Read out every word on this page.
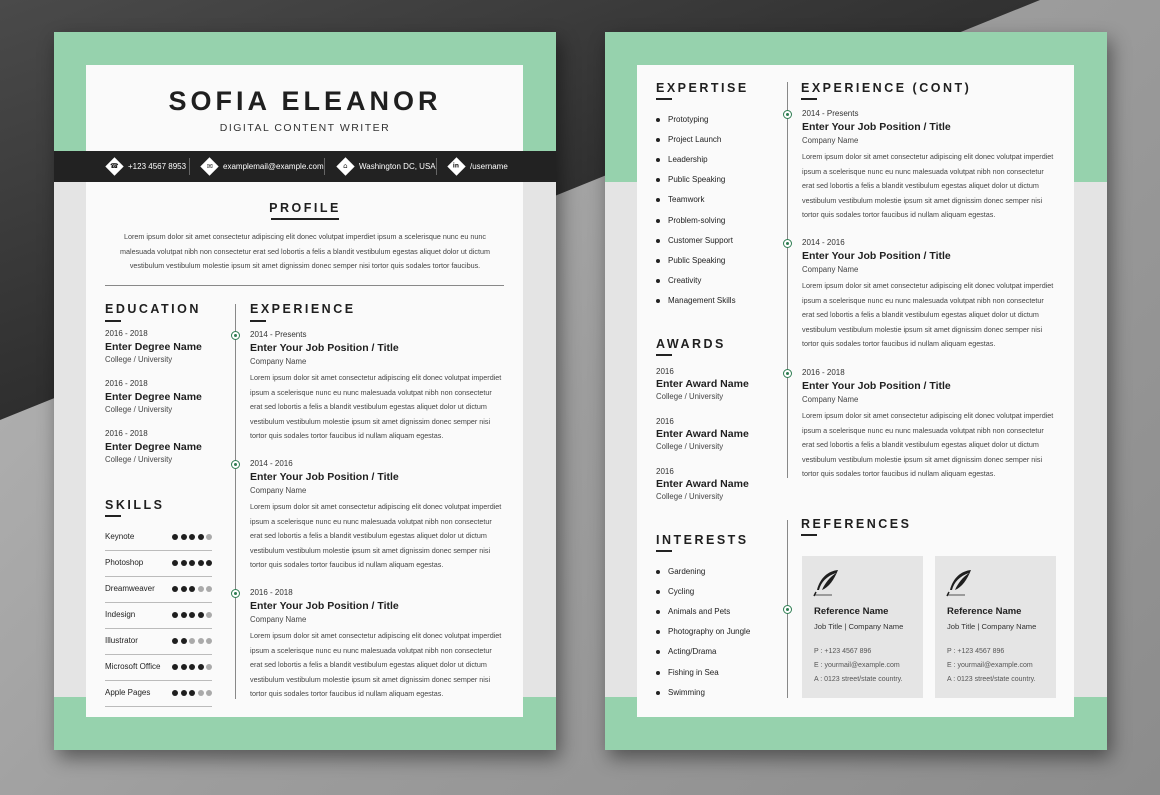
SOFIA ELEANOR
DIGITAL CONTENT WRITER
☎ +123 4567 8953	✉ examplemail@example.com	⌂ Washington DC, USA	in /username
PROFILE
Lorem ipsum dolor sit amet consectetur adipiscing elit donec volutpat imperdiet ipsum a scelerisque nunc eu nunc
malesuada volutpat nibh non consectetur erat sed lobortis a felis a blandit vestibulum egestas aliquet dolor ut dictum
vestibulum vestibulum molestie ipsum sit amet dignissim donec semper nisi tortor quis sodales tortor faucibus.
EDUCATION
2016 - 2018
Enter Degree Name
College / University
2016 - 2018
Enter Degree Name
College / University
2016 - 2018
Enter Degree Name
College / University
SKILLS
Keynote
Photoshop
Dreamweaver
Indesign
Illustrator
Microsoft Office
Apple Pages
EXPERIENCE
2014 - Presents
Enter Your Job Position / Title
Company Name
Lorem ipsum dolor sit amet consectetur adipiscing elit donec volutpat imperdiet
ipsum a scelerisque nunc eu nunc malesuada volutpat nibh non consectetur
erat sed lobortis a felis a blandit vestibulum egestas aliquet dolor ut dictum
vestibulum vestibulum molestie ipsum sit amet dignissim donec semper nisi
tortor quis sodales tortor faucibus id nullam aliquam egestas.
2014 - 2016
Enter Your Job Position / Title
Company Name
Lorem ipsum dolor sit amet consectetur adipiscing elit donec volutpat imperdiet
ipsum a scelerisque nunc eu nunc malesuada volutpat nibh non consectetur
erat sed lobortis a felis a blandit vestibulum egestas aliquet dolor ut dictum
vestibulum vestibulum molestie ipsum sit amet dignissim donec semper nisi
tortor quis sodales tortor faucibus id nullam aliquam egestas.
2016 - 2018
Enter Your Job Position / Title
Company Name
Lorem ipsum dolor sit amet consectetur adipiscing elit donec volutpat imperdiet
ipsum a scelerisque nunc eu nunc malesuada volutpat nibh non consectetur
erat sed lobortis a felis a blandit vestibulum egestas aliquet dolor ut dictum
vestibulum vestibulum molestie ipsum sit amet dignissim donec semper nisi
tortor quis sodales tortor faucibus id nullam aliquam egestas.
EXPERTISE
Prototyping
Project Launch
Leadership
Public Speaking
Teamwork
Problem-solving
Customer Support
Public Speaking
Creativity
Management Skills
AWARDS
2016
Enter Award Name
College / University
2016
Enter Award Name
College / University
2016
Enter Award Name
College / University
INTERESTS
Gardening
Cycling
Animals and Pets
Photography on Jungle
Acting/Drama
Fishing in Sea
Swimming
EXPERIENCE (CONT)
2014 - Presents
Enter Your Job Position / Title
Company Name
Lorem ipsum dolor sit amet consectetur adipiscing elit donec volutpat imperdiet
ipsum a scelerisque nunc eu nunc malesuada volutpat nibh non consectetur
erat sed lobortis a felis a blandit vestibulum egestas aliquet dolor ut dictum
vestibulum vestibulum molestie ipsum sit amet dignissim donec semper nisi
tortor quis sodales tortor faucibus id nullam aliquam egestas.
2014 - 2016
Enter Your Job Position / Title
Company Name
Lorem ipsum dolor sit amet consectetur adipiscing elit donec volutpat imperdiet
ipsum a scelerisque nunc eu nunc malesuada volutpat nibh non consectetur
erat sed lobortis a felis a blandit vestibulum egestas aliquet dolor ut dictum
vestibulum vestibulum molestie ipsum sit amet dignissim donec semper nisi
tortor quis sodales tortor faucibus id nullam aliquam egestas.
2016 - 2018
Enter Your Job Position / Title
Company Name
Lorem ipsum dolor sit amet consectetur adipiscing elit donec volutpat imperdiet
ipsum a scelerisque nunc eu nunc malesuada volutpat nibh non consectetur
erat sed lobortis a felis a blandit vestibulum egestas aliquet dolor ut dictum
vestibulum vestibulum molestie ipsum sit amet dignissim donec semper nisi
tortor quis sodales tortor faucibus id nullam aliquam egestas.
REFERENCES
Reference Name
Job Title | Company Name
P : +123 4567 896
E : yourmail@example.com
A : 0123 street/state country.
Reference Name
Job Title | Company Name
P : +123 4567 896
E : yourmail@example.com
A : 0123 street/state country.
